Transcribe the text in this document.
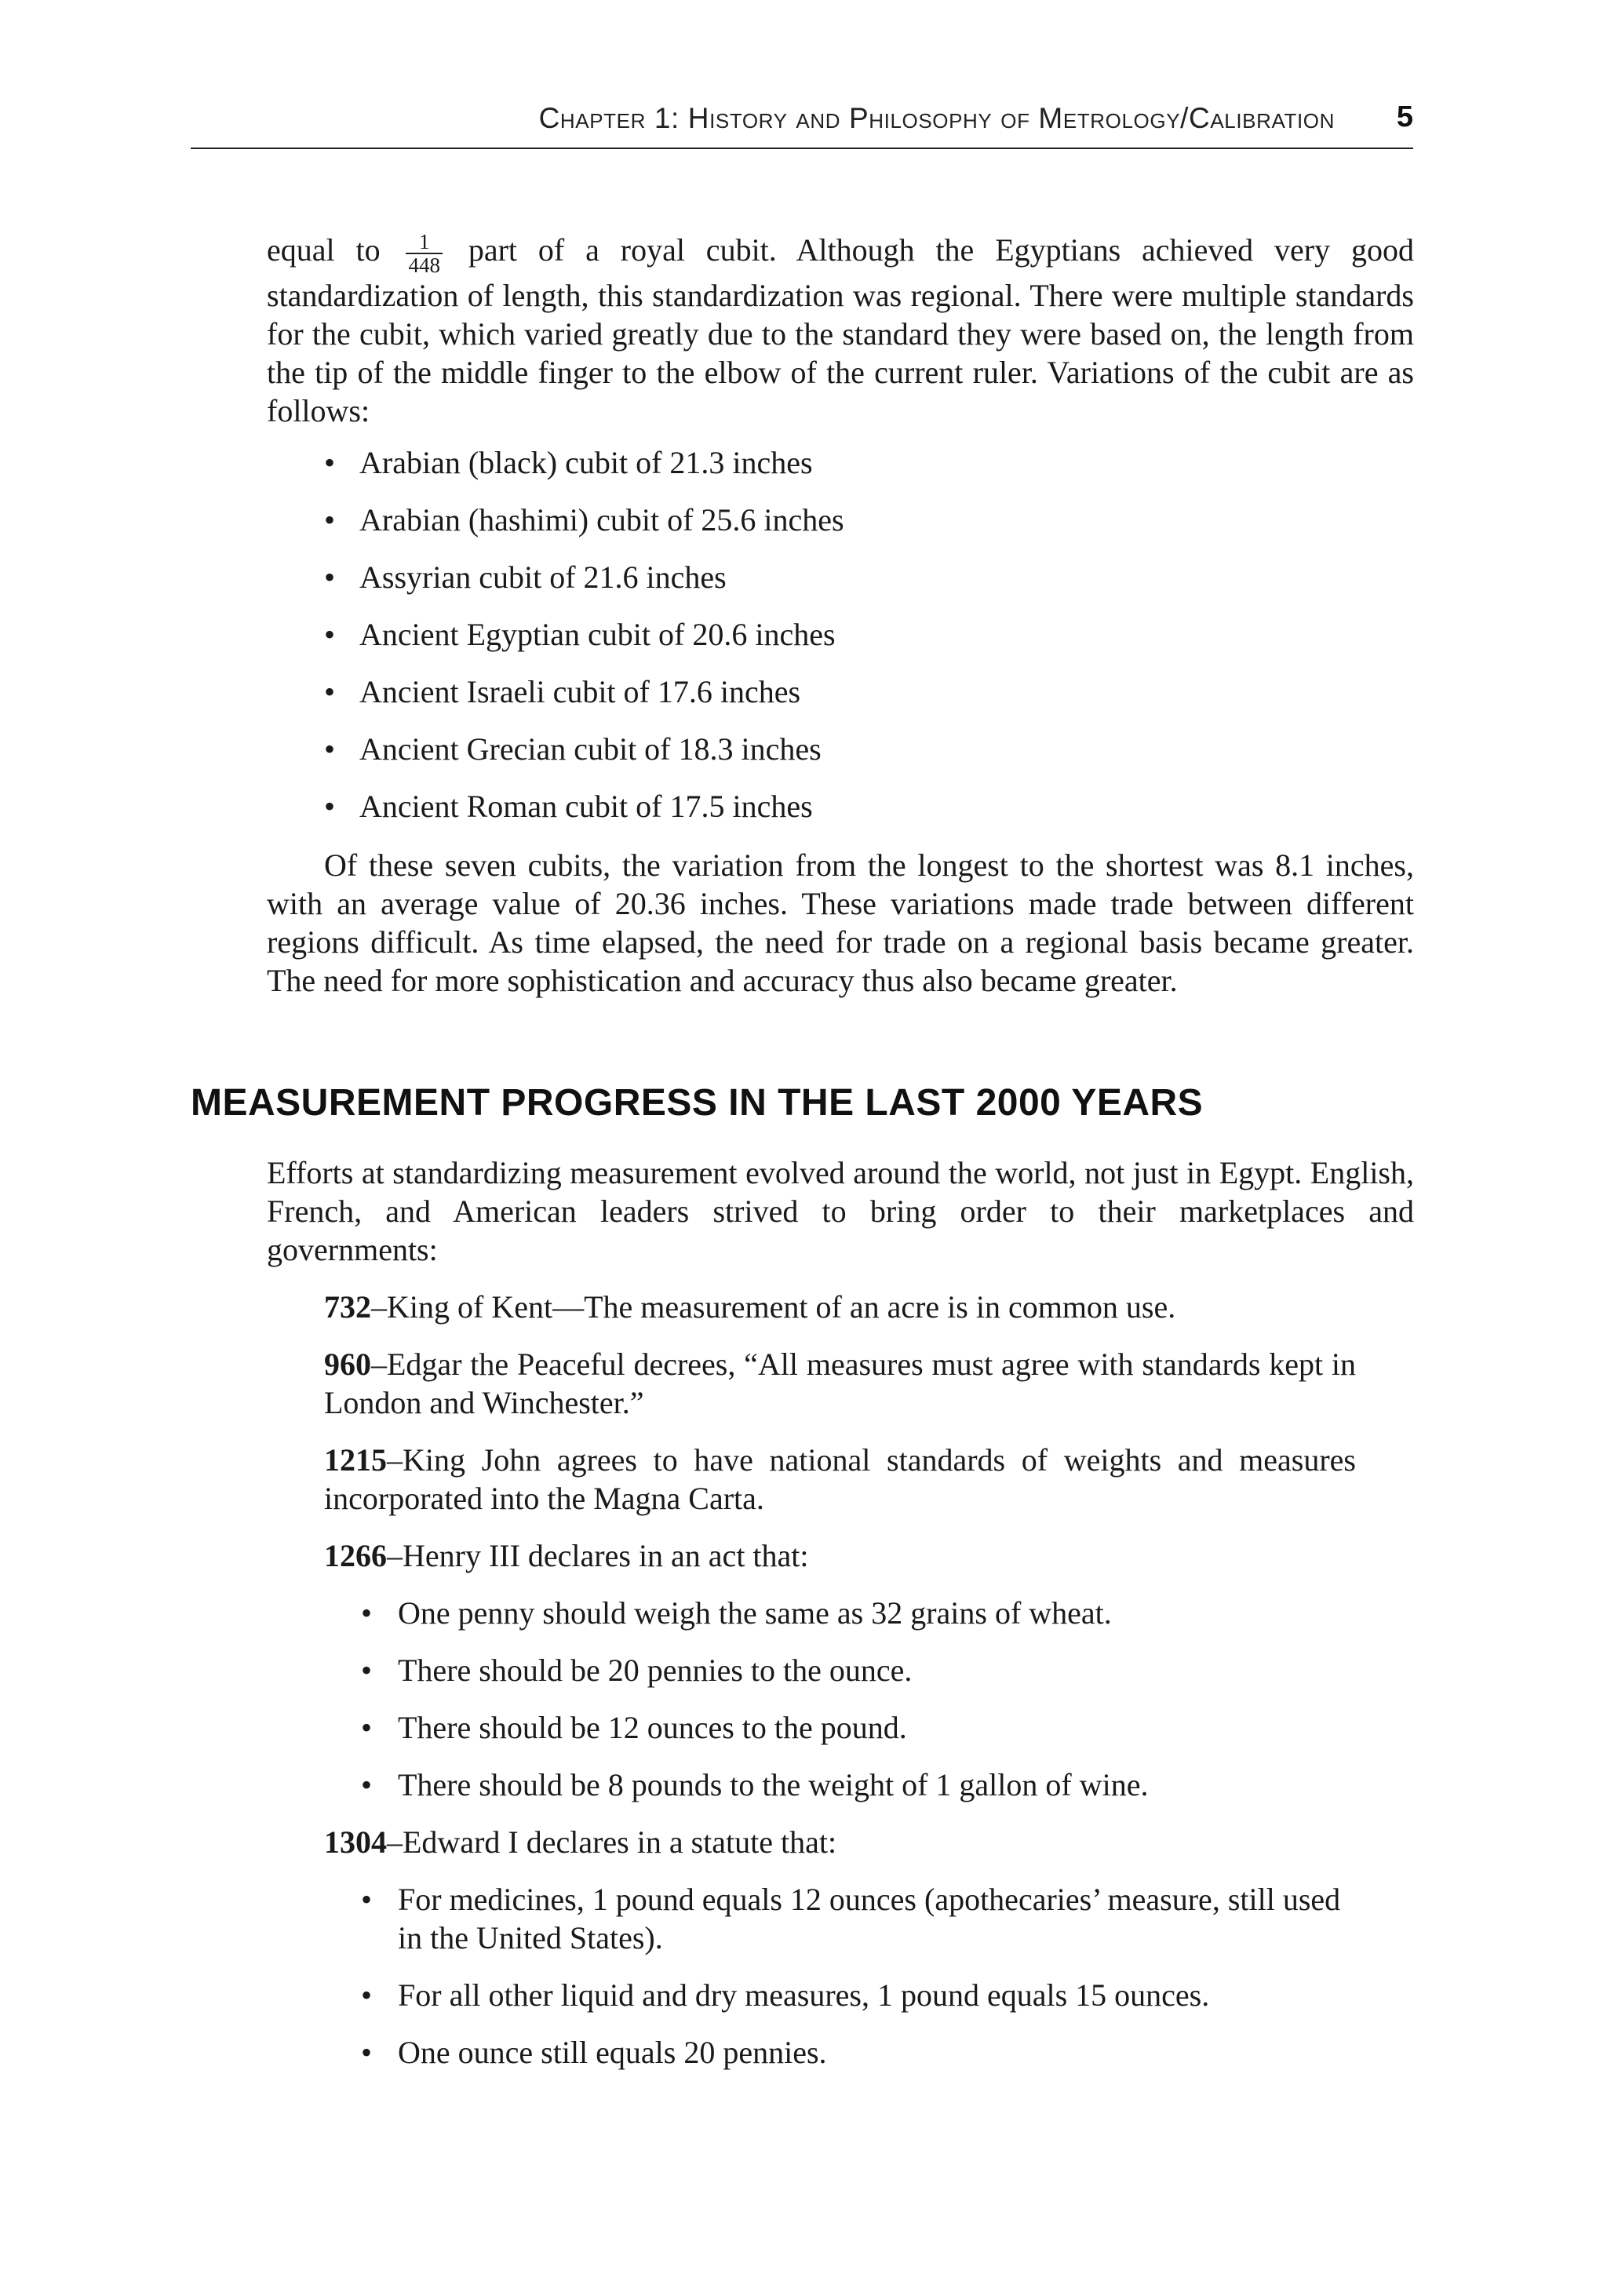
Chapter 1: History and Philosophy of Metrology/Calibration 5

equal to $\frac{1}{448}$ part of a royal cubit. Although the Egyptians achieved very good standardization of length, this standardization was regional. There were multiple standards for the cubit, which varied greatly due to the standard they were based on, the length from the tip of the middle finger to the elbow of the current ruler. Variations of the cubit are as follows:

• Arabian (black) cubit of 21.3 inches
• Arabian (hashimi) cubit of 25.6 inches
• Assyrian cubit of 21.6 inches
• Ancient Egyptian cubit of 20.6 inches
• Ancient Israeli cubit of 17.6 inches
• Ancient Grecian cubit of 18.3 inches
• Ancient Roman cubit of 17.5 inches

Of these seven cubits, the variation from the longest to the shortest was 8.1 inches, with an average value of 20.36 inches. These variations made trade between different regions difficult. As time elapsed, the need for trade on a regional basis became greater. The need for more sophistication and accuracy thus also became greater.

MEASUREMENT PROGRESS IN THE LAST 2000 YEARS

Efforts at standardizing measurement evolved around the world, not just in Egypt. English, French, and American leaders strived to bring order to their marketplaces and governments:

732–King of Kent—The measurement of an acre is in common use.

960–Edgar the Peaceful decrees, “All measures must agree with standards kept in London and Winchester.”

1215–King John agrees to have national standards of weights and measures incorporated into the Magna Carta.

1266–Henry III declares in an act that:

• One penny should weigh the same as 32 grains of wheat.
• There should be 20 pennies to the ounce.
• There should be 12 ounces to the pound.
• There should be 8 pounds to the weight of 1 gallon of wine.

1304–Edward I declares in a statute that:

• For medicines, 1 pound equals 12 ounces (apothecaries’ measure, still used in the United States).
• For all other liquid and dry measures, 1 pound equals 15 ounces.
• One ounce still equals 20 pennies.
